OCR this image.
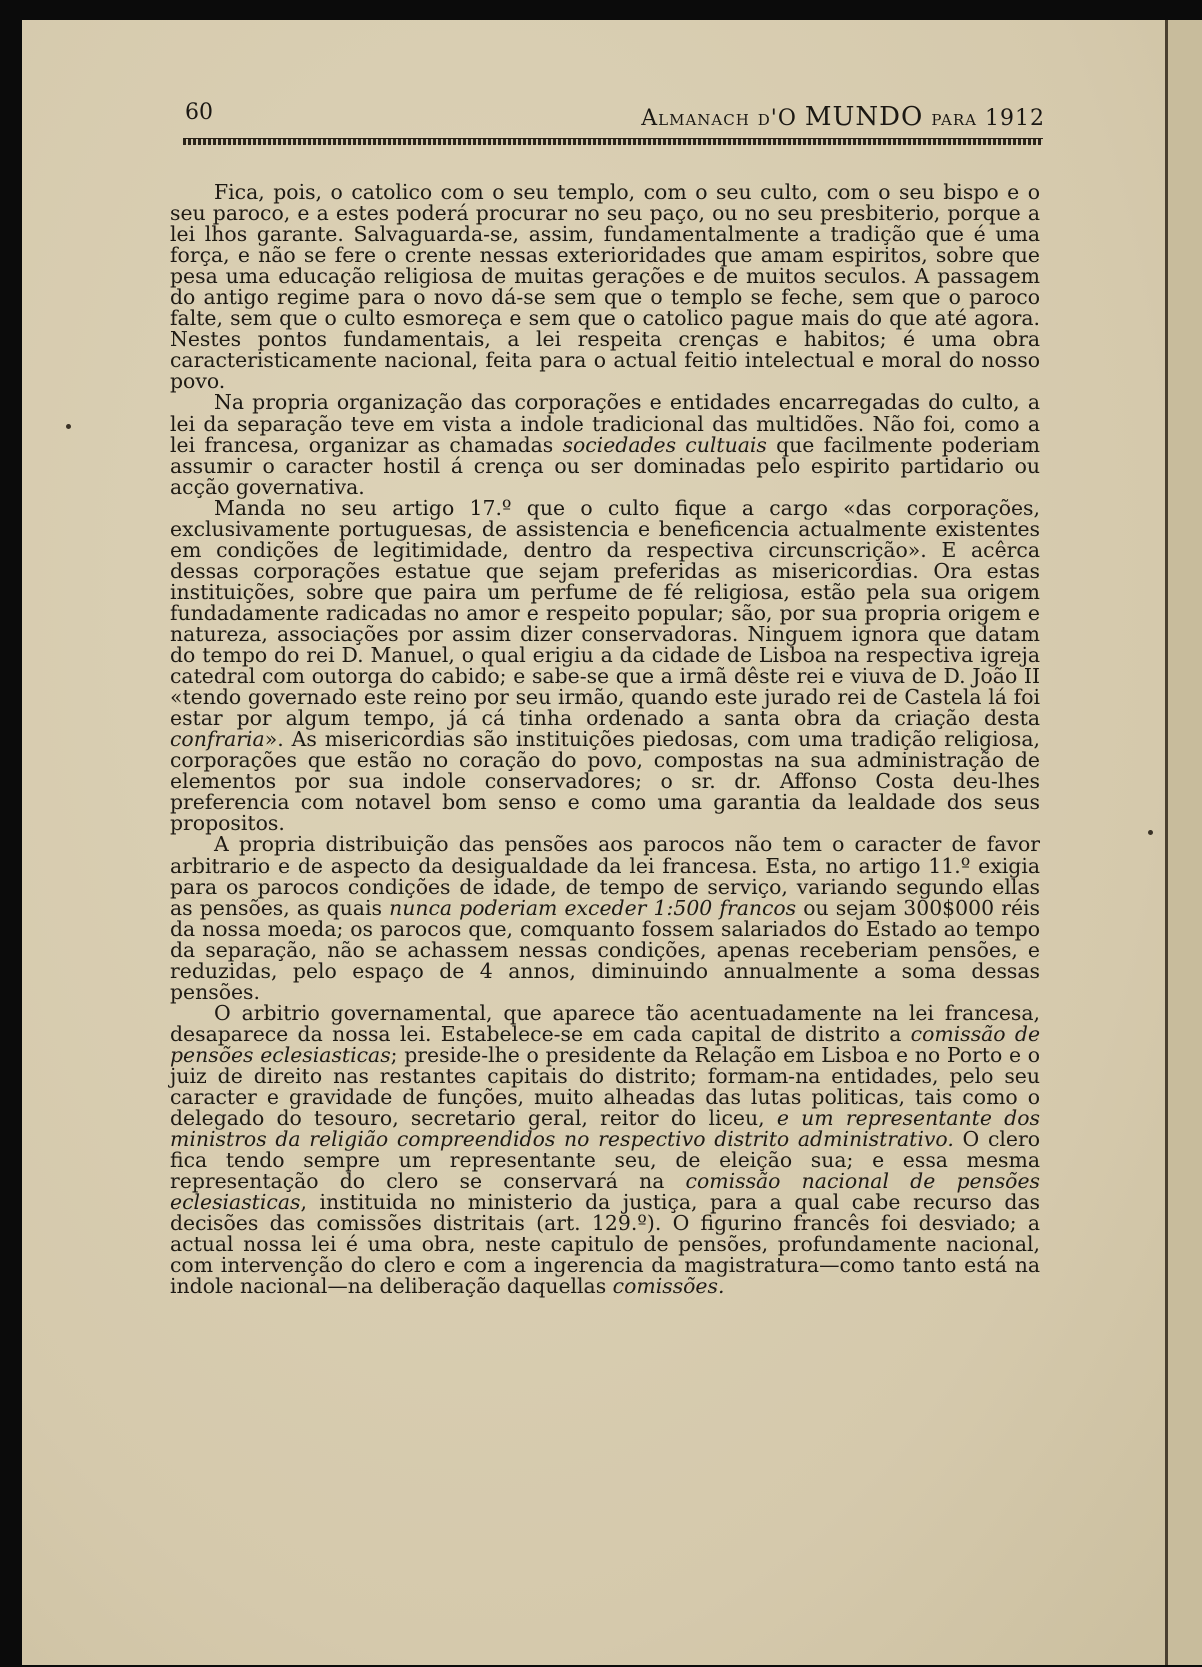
60	Almanach d'O MUNDO para 1912

Fica, pois, o catolico com o seu templo, com o seu culto, com o seu bispo e o seu paroco, e a estes poderá procurar no seu paço, ou no seu presbiterio, porque a lei lhos garante. Salvaguarda-se, assim, fundamentalmente a tradição que é uma força, e não se fere o crente nessas exterioridades que amam espiritos, sobre que pesa uma educação religiosa de muitas gerações e de muitos seculos. A passagem do antigo regime para o novo dá-se sem que o templo se feche, sem que o paroco falte, sem que o culto esmoreça e sem que o catolico pague mais do que até agora. Nestes pontos fundamentais, a lei respeita crenças e habitos; é uma obra caracteristicamente nacional, feita para o actual feitio intelectual e moral do nosso povo.

Na propria organização das corporações e entidades encarregadas do culto, a lei da separação teve em vista a indole tradicional das multidões. Não foi, como a lei francesa, organizar as chamadas sociedades cultuais que facilmente poderiam assumir o caracter hostil á crença ou ser dominadas pelo espirito partidario ou acção governativa.

Manda no seu artigo 17.º que o culto fique a cargo «das corporações, exclusivamente portuguesas, de assistencia e beneficencia actualmente existentes em condições de legitimidade, dentro da respectiva circunscrição». E acêrca dessas corporações estatue que sejam preferidas as misericordias. Ora estas instituições, sobre que paira um perfume de fé religiosa, estão pela sua origem fundadamente radicadas no amor e respeito popular; são, por sua propria origem e natureza, associações por assim dizer conservadoras. Ninguem ignora que datam do tempo do rei D. Manuel, o qual erigiu a da cidade de Lisboa na respectiva igreja catedral com outorga do cabido; e sabe-se que a irmã dêste rei e viuva de D. João II «tendo governado este reino por seu irmão, quando este jurado rei de Castela lá foi estar por algum tempo, já cá tinha ordenado a santa obra da criação desta confraria». As misericordias são instituições piedosas, com uma tradição religiosa, corporações que estão no coração do povo, compostas na sua administração de elementos por sua indole conservadores; o sr. dr. Affonso Costa deu-lhes preferencia com notavel bom senso e como uma garantia da lealdade dos seus propositos.

A propria distribuição das pensões aos parocos não tem o caracter de favor arbitrario e de aspecto da desigualdade da lei francesa. Esta, no artigo 11.º exigia para os parocos condições de idade, de tempo de serviço, variando segundo ellas as pensões, as quais nunca poderiam exceder 1:500 francos ou sejam 300$000 réis da nossa moeda; os parocos que, comquanto fossem salariados do Estado ao tempo da separação, não se achassem nessas condições, apenas receberiam pensões, e reduzidas, pelo espaço de 4 annos, diminuindo annualmente a soma dessas pensões.

O arbitrio governamental, que aparece tão acentuadamente na lei francesa, desaparece da nossa lei. Estabelece-se em cada capital de distrito a comissão de pensões eclesiasticas; preside-lhe o presidente da Relação em Lisboa e no Porto e o juiz de direito nas restantes capitais do distrito; formam-na entidades, pelo seu caracter e gravidade de funções, muito alheadas das lutas politicas, tais como o delegado do tesouro, secretario geral, reitor do liceu, e um representante dos ministros da religião compreendidos no respectivo distrito administrativo. O clero fica tendo sempre um representante seu, de eleição sua; e essa mesma representação do clero se conservará na comissão nacional de pensões eclesiasticas, instituida no ministerio da justiça, para a qual cabe recurso das decisões das comissões distritais (art. 129.º). O figurino francês foi desviado; a actual nossa lei é uma obra, neste capitulo de pensões, profundamente nacional, com intervenção do clero e com a ingerencia da magistratura—como tanto está na indole nacional—na deliberação daquellas comissões.
